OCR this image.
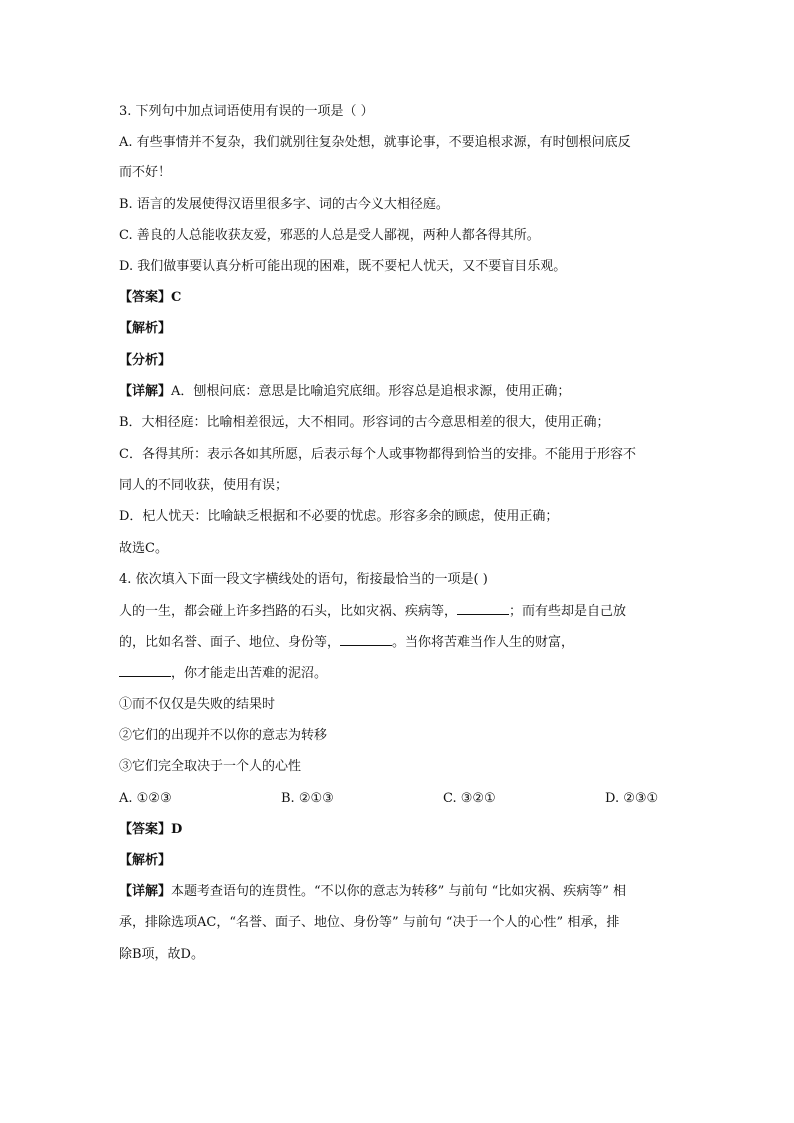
3. 下列句中加点词语使用有误的一项是（ ）
A. 有些事情并不复杂，我们就别往复杂处想，就事论事，不要追根求源，有时刨根问底反
而不好！
B. 语言的发展使得汉语里很多字、词的古今义大相径庭。
C. 善良的人总能收获友爱，邪恶的人总是受人鄙视，两种人都各得其所。
D. 我们做事要认真分析可能出现的困难，既不要杞人忧天，又不要盲目乐观。
【答案】C
【解析】
【分析】
【详解】A．刨根问底：意思是比喻追究底细。形容总是追根求源，使用正确；
B．大相径庭：比喻相差很远，大不相同。形容词的古今意思相差的很大，使用正确；
C．各得其所：表示各如其所愿，后表示每个人或事物都得到恰当的安排。不能用于形容不
同人的不同收获，使用有误；
D．杞人忧天：比喻缺乏根据和不必要的忧虑。形容多余的顾虑，使用正确；
故选C。
4. 依次填入下面一段文字横线处的语句，衔接最恰当的一项是( )
人的一生，都会碰上许多挡路的石头，比如灾祸、疾病等，	；而有些却是自己放
的，比如名誉、面子、地位、身份等，	。当你将苦难当作人生的财富，
，你才能走出苦难的泥沼。
①而不仅仅是失败的结果时
②它们的出现并不以你的意志为转移
③它们完全取决于一个人的心性
A. ①②③	B. ②①③	C. ③②①	D. ②③①
【答案】D
【解析】
【详解】本题考查语句的连贯性。“不以你的意志为转移” 与前句 “比如灾祸、疾病等” 相
承，排除选项AC，“名誉、面子、地位、身份等” 与前句 “决于一个人的心性” 相承，排
除B项，故D。
